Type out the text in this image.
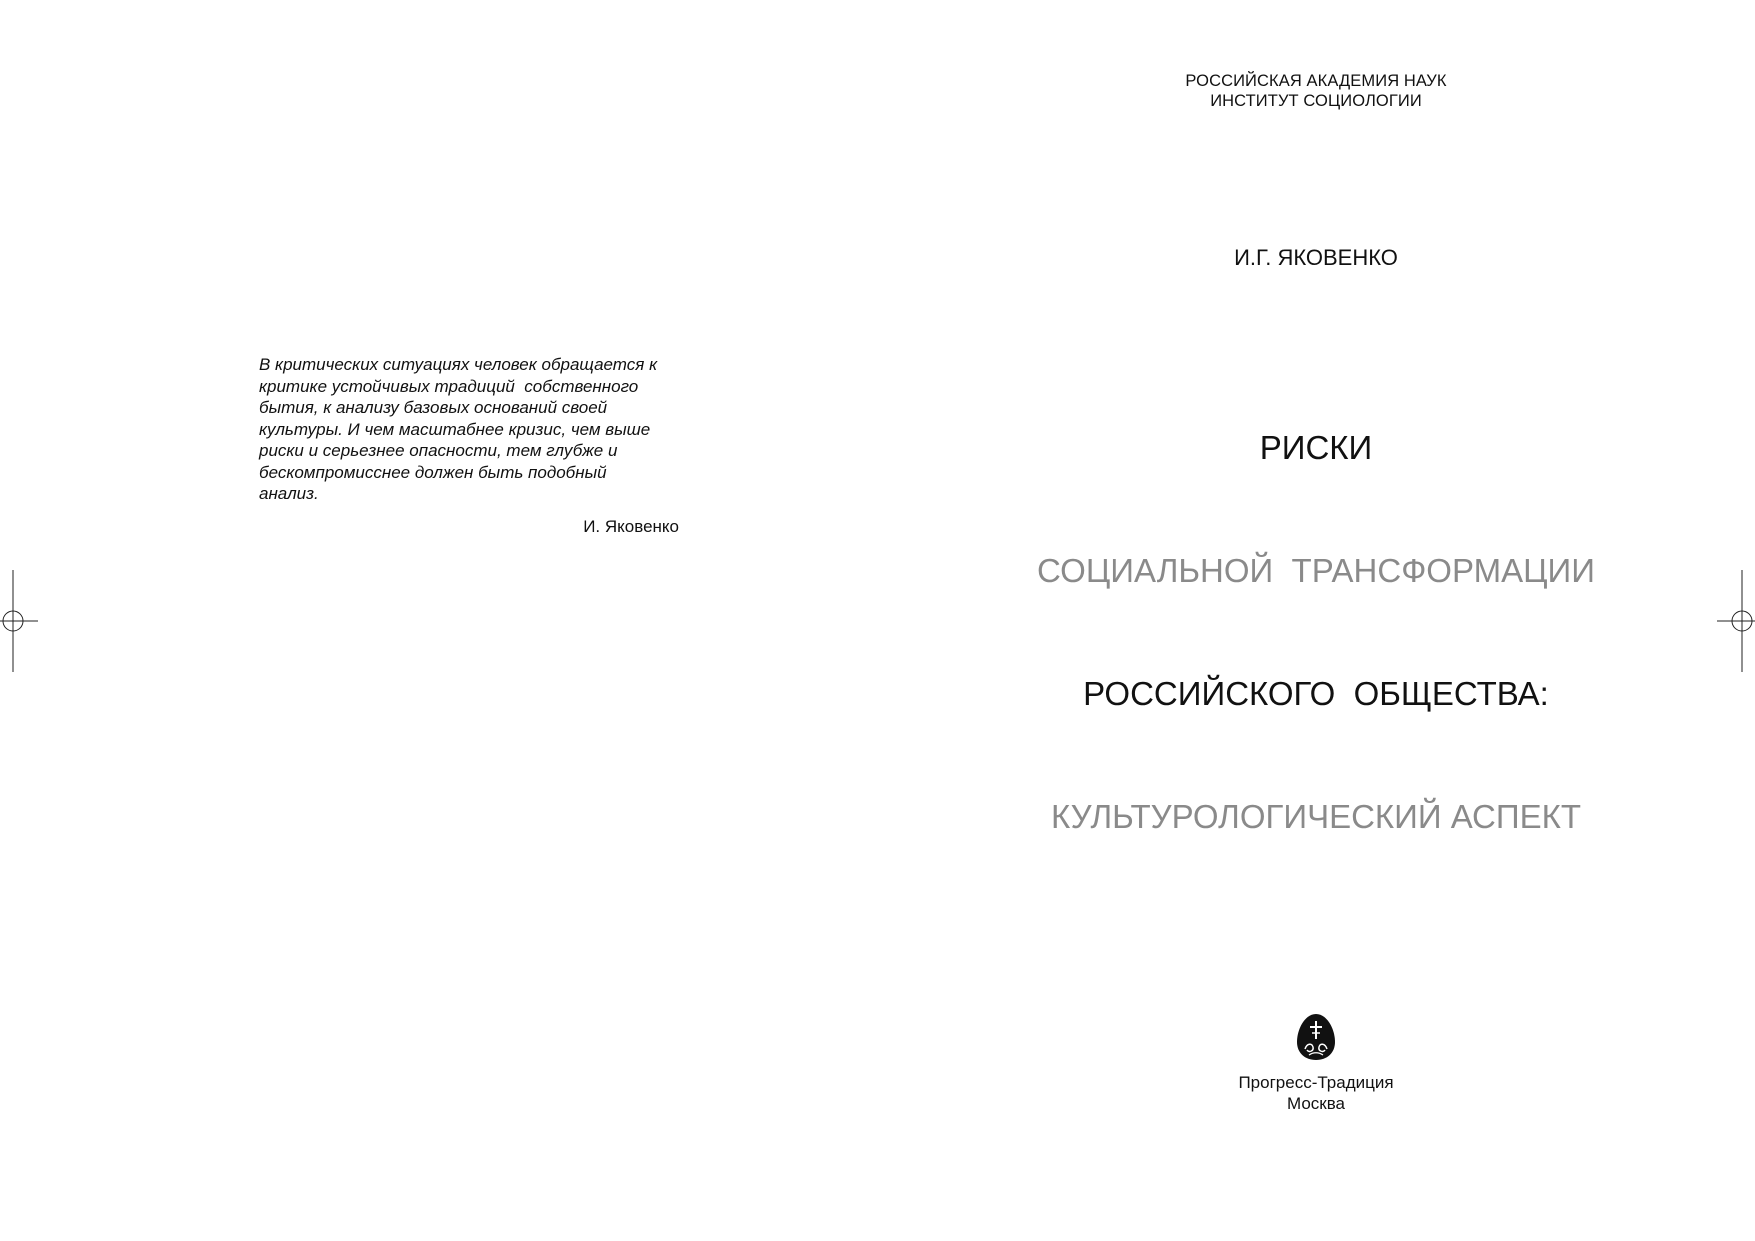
В критических ситуациях человек обращается к
критике устойчивых традиций  собственного
бытия, к анализу базовых оснований своей
культуры. И чем масштабнее кризис, чем выше
риски и серьезнее опасности, тем глубже и
бескомпромисснее должен быть подобный
анализ.

И. Яковенко
РОССИЙСКАЯ АКАДЕМИЯ НАУК
ИНСТИТУТ СОЦИОЛОГИИ
И.Г. ЯКОВЕНКО

РИСКИ

СОЦИАЛЬНОЙ  ТРАНСФОРМАЦИИ

РОССИЙСКОГО  ОБЩЕСТВА:

КУЛЬТУРОЛОГИЧЕСКИЙ АСПЕКТ

Прогресс-Традиция
Москва
